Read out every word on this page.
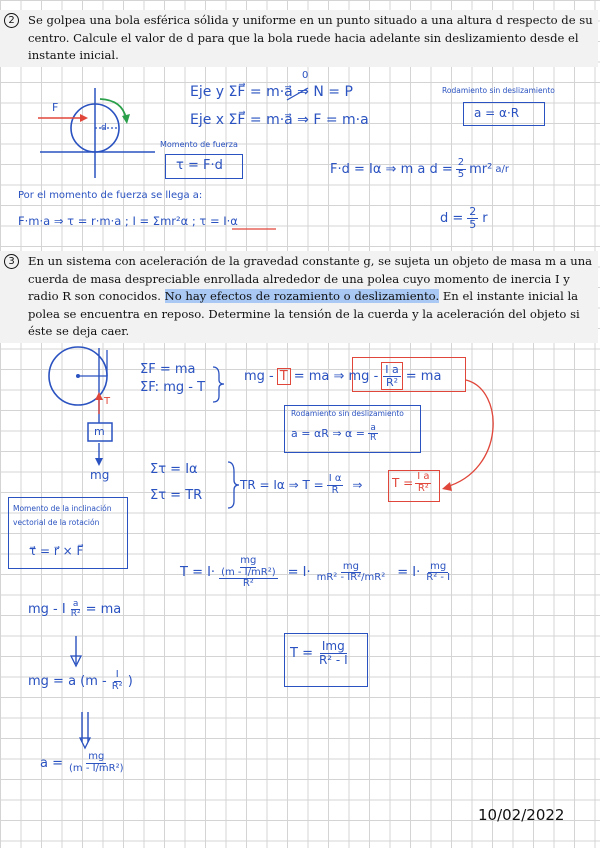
2	Se golpea una bola esférica sólida y uniforme en un punto situado a una altura d respecto de su centro. Calcule el valor de d para que la bola ruede hacia adelante sin deslizamiento desde el instante inicial.
F
d
0
Eje y ΣF⃗ = m·a⃗ ⇒ N = P
Eje x ΣF⃗ = m·a⃗ ⇒ F = m·a
Rodamiento sin deslizamiento
a = α·R
Momento de fuerza
τ = F·d	F·d = Iα ⇒ m a $d = \frac{2}{5} mr^2$ a/r
Por el momento de fuerza se llega a:
F·m·a ⇒ τ = r·m·a ; I = Σmr²α ; τ = I·α	$d = \frac{2}{5}$ r
3	En un sistema con aceleración de la gravedad constante g, se sujeta un objeto de masa m a una cuerda de masa despreciable enrollada alrededor de una polea cuyo momento de inercia I y radio R son conocidos. No hay efectos de rozamiento o deslizamiento. En el instante inicial la polea se encuentra en reposo. Determine la tensión de la cuerda y la aceleración del objeto si éste se deja caer.
T
m
mg
ΣF = ma
ΣF: mg - T
mg - T = ma ⇒ mg - $\frac{\text{I a}}{\text{R²}}$ = ma
Rodamiento sin deslizamiento
a = αR ⇒ $\alpha = \frac{a}{R}$
Στ = Iα
Στ = TR
TR = Iα ⇒ $T = \frac{\text{I α}}{R}$ ⇒ $T = \frac{\text{I a}}{\text{R²}}$
Momento de la inclinación vectorial de la rotación
τ⃗ = r⃗ × F⃗
T = I· mg
(m - I/mR²)
$R^2 = I\cdot \frac{mg}{\text{mR² - IR²/mR²}} = I\cdot \frac{mg}{\text{R² - I}}$
$T = \frac{\text{Img}}{\text{R² - I}}$
mg - I $\frac{a}{\text{R²}}$ = ma
mg = a ($m - \frac{I}{\text{R²}}$ )
$a = \frac{mg}{\text{(m - I/mR²)}}$
10/02/2022
